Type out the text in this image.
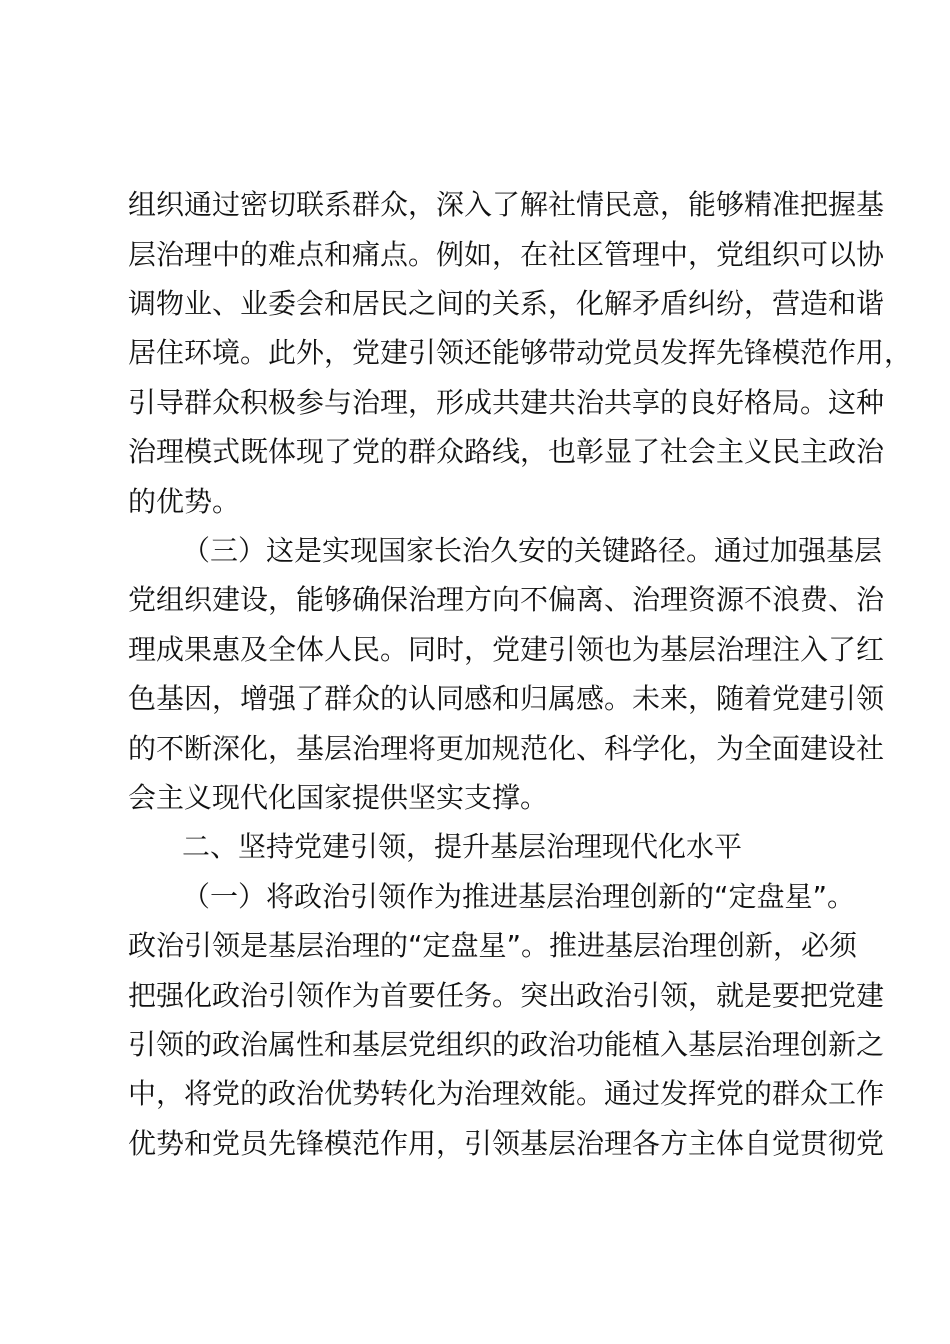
组织通过密切联系群众，深入了解社情民意，能够精准把握基
层治理中的难点和痛点。例如，在社区管理中，党组织可以协
调物业、业委会和居民之间的关系，化解矛盾纠纷，营造和谐
居住环境。此外，党建引领还能够带动党员发挥先锋模范作用，
引导群众积极参与治理，形成共建共治共享的良好格局。这种
治理模式既体现了党的群众路线，也彰显了社会主义民主政治
的优势。
（三）这是实现国家长治久安的关键路径。通过加强基层
党组织建设，能够确保治理方向不偏离、治理资源不浪费、治
理成果惠及全体人民。同时，党建引领也为基层治理注入了红
色基因，增强了群众的认同感和归属感。未来，随着党建引领
的不断深化，基层治理将更加规范化、科学化，为全面建设社
会主义现代化国家提供坚实支撑。
二、坚持党建引领，提升基层治理现代化水平
（一）将政治引领作为推进基层治理创新的“定盘星”。
政治引领是基层治理的“定盘星”。推进基层治理创新，必须
把强化政治引领作为首要任务。突出政治引领，就是要把党建
引领的政治属性和基层党组织的政治功能植入基层治理创新之
中，将党的政治优势转化为治理效能。通过发挥党的群众工作
优势和党员先锋模范作用，引领基层治理各方主体自觉贯彻党
